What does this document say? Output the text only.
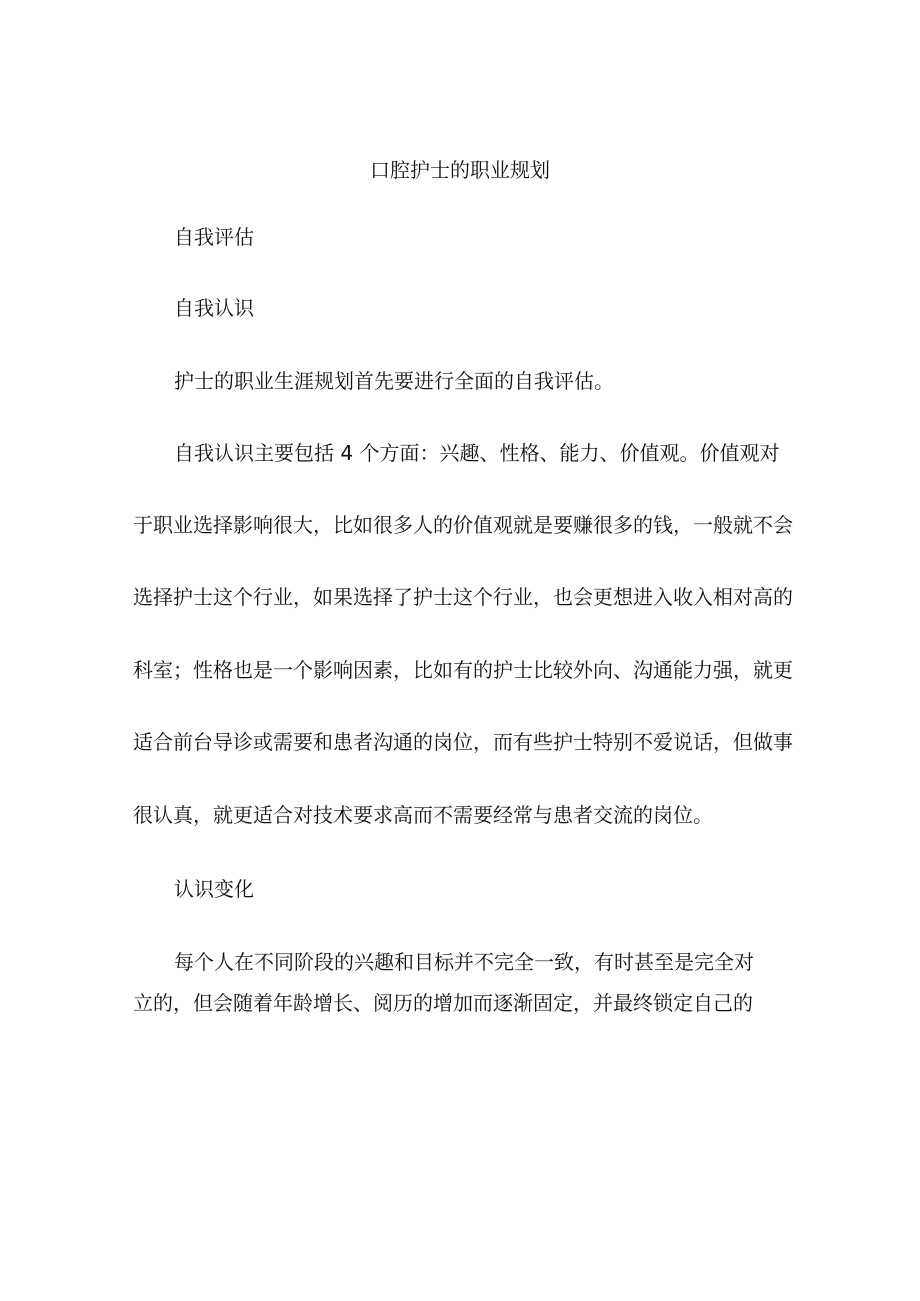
口腔护士的职业规划
自我评估
自我认识
护士的职业生涯规划首先要进行全面的自我评估。
自我认识主要包括 4 个方面：兴趣、性格、能力、价值观。价值观对
于职业选择影响很大，比如很多人的价值观就是要赚很多的钱，一般就不会
选择护士这个行业，如果选择了护士这个行业，也会更想进入收入相对高的
科室；性格也是一个影响因素，比如有的护士比较外向、沟通能力强，就更
适合前台导诊或需要和患者沟通的岗位，而有些护士特别不爱说话，但做事
很认真，就更适合对技术要求高而不需要经常与患者交流的岗位。
认识变化
每个人在不同阶段的兴趣和目标并不完全一致，有时甚至是完全对
立的，但会随着年龄增长、阅历的增加而逐渐固定，并最终锁定自己的
